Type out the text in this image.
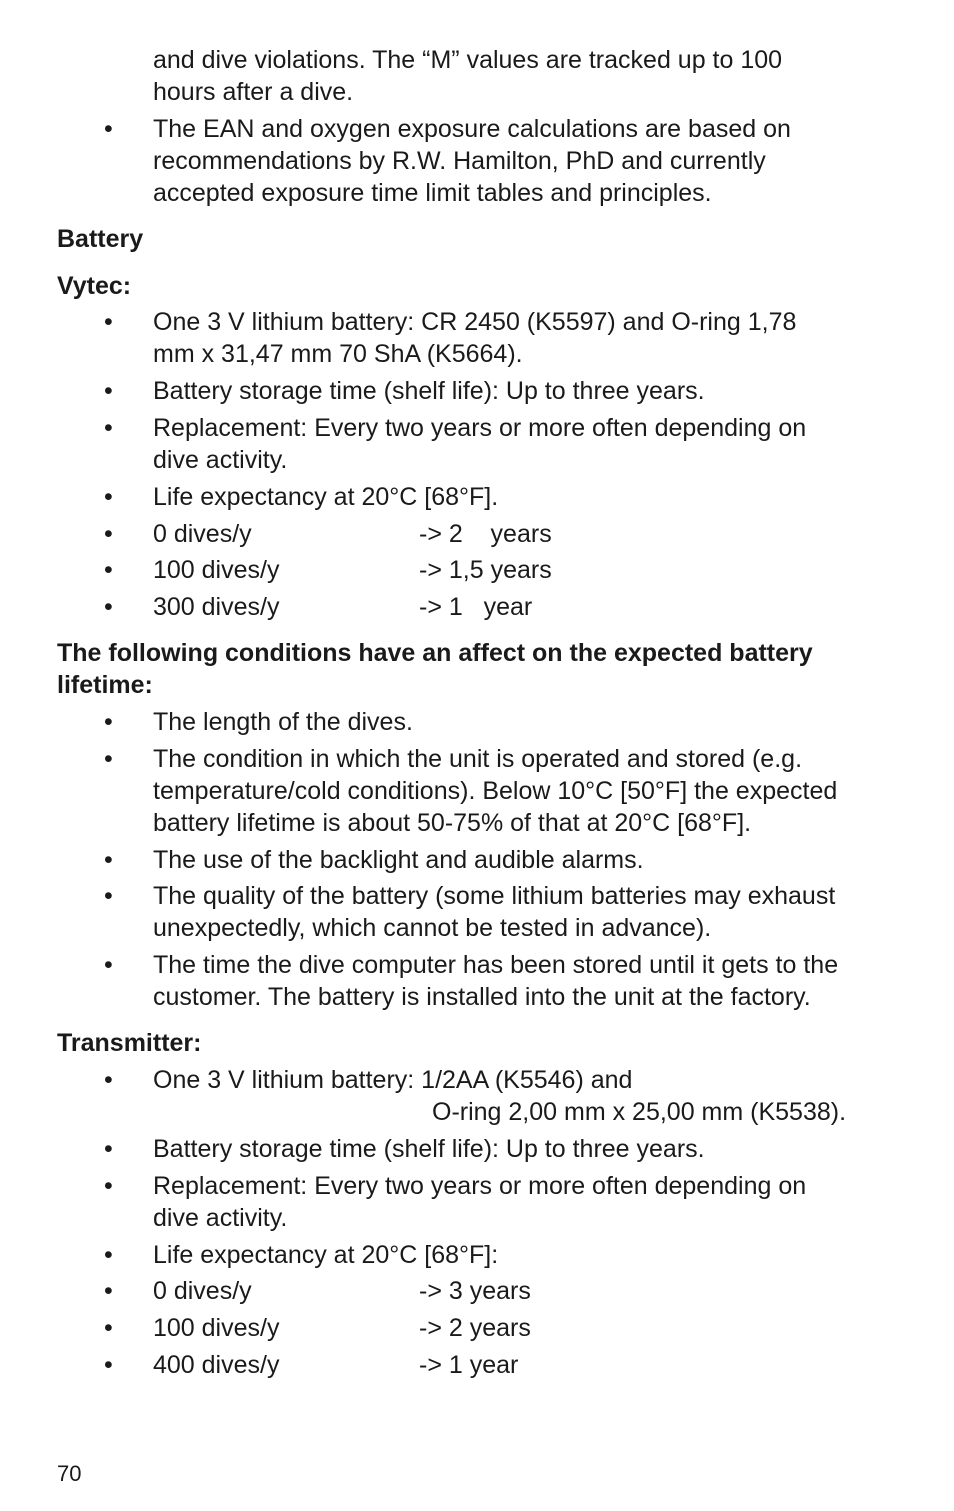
and dive violations. The “M” values are tracked up to 100

hours after a dive.

• The EAN and oxygen exposure calculations are based on

recommendations by R.W. Hamilton, PhD and currently

accepted exposure time limit tables and principles.

Battery

Vytec:

• One 3 V lithium battery: CR 2450 (K5597) and O-ring 1,78

mm x 31,47 mm 70 ShA (K5664).

• Battery storage time (shelf life): Up to three years.
• Replacement: Every two years or more often depending on

dive activity.

• Life expectancy at 20°C [68°F].
• 0 dives/y	-> 2    years
• 100 dives/y	-> 1,5 years
• 300 dives/y	-> 1   year

The following conditions have an affect on the expected battery

lifetime:

• The length of the dives.
• The condition in which the unit is operated and stored (e.g.

temperature/cold conditions). Below 10°C [50°F] the expected

battery lifetime is about 50-75% of that at 20°C [68°F].

• The use of the backlight and audible alarms.
• The quality of the battery (some lithium batteries may exhaust

unexpectedly, which cannot be tested in advance).

• The time the dive computer has been stored until it gets to the

customer. The battery is installed into the unit at the factory.

Transmitter:

• One 3 V lithium battery: 1/2AA (K5546) and

O-ring 2,00 mm x 25,00 mm (K5538).

• Battery storage time (shelf life): Up to three years.
• Replacement: Every two years or more often depending on

dive activity.

• Life expectancy at 20°C [68°F]:
• 0 dives/y	-> 3 years
• 100 dives/y	-> 2 years
• 400 dives/y	-> 1 year
70
